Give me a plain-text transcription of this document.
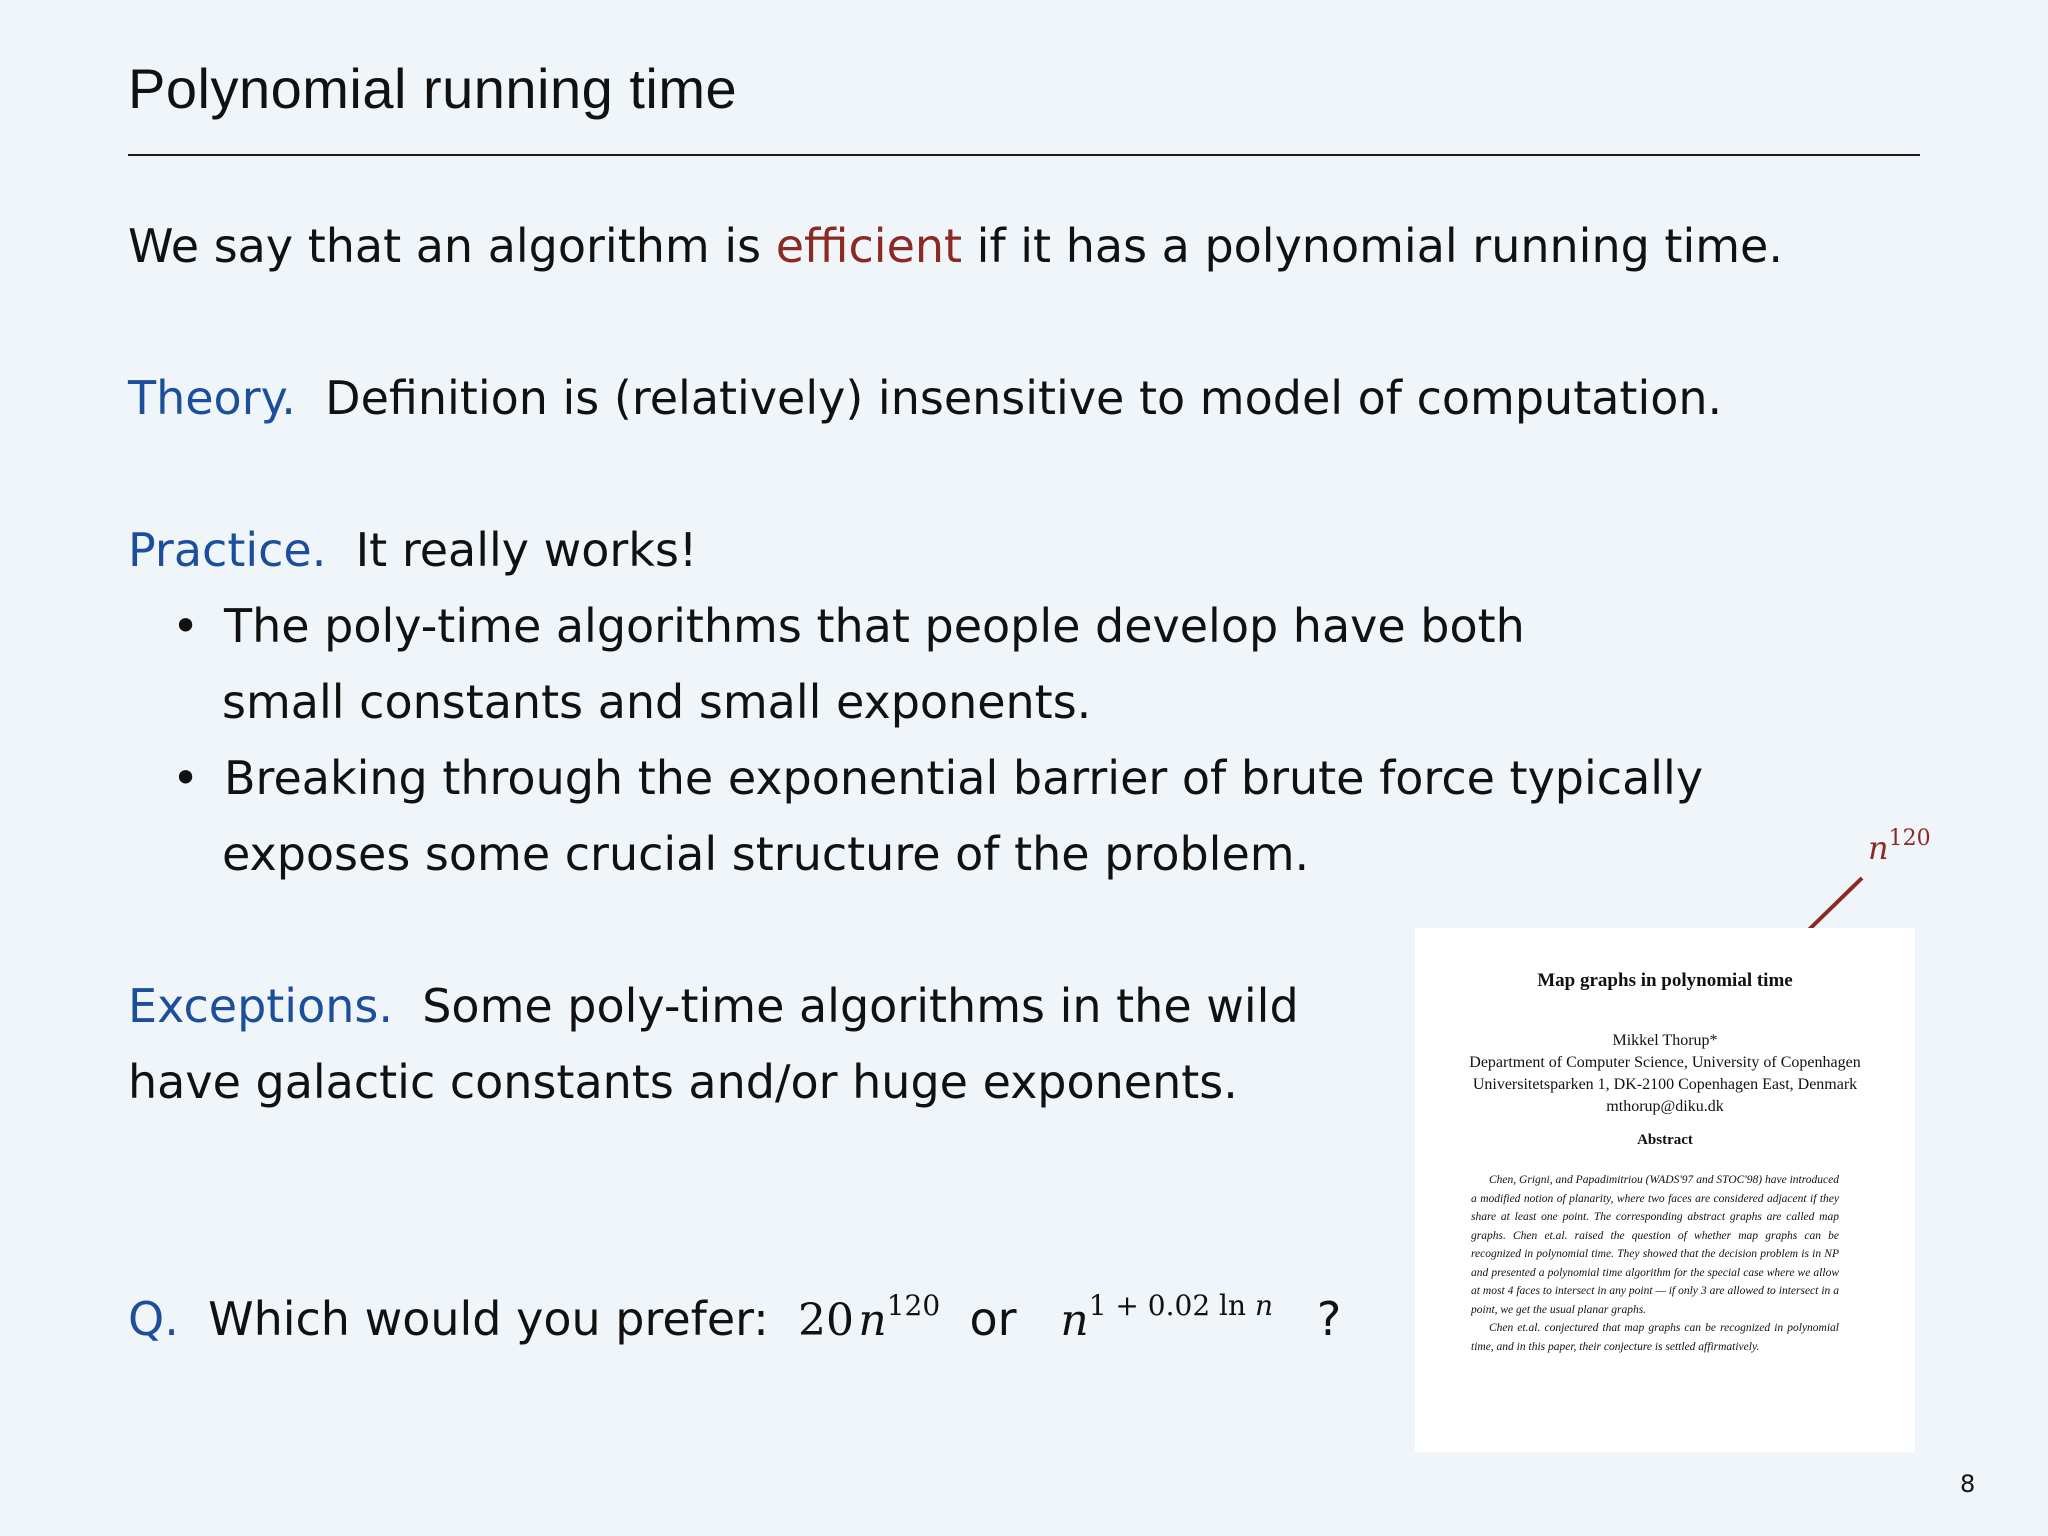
Polynomial running time
We say that an algorithm is efficient if it has a polynomial running time.
Theory. Definition is (relatively) insensitive to model of computation.
Practice. It really works!
• The poly-time algorithms that people develop have both
small constants and small exponents.
• Breaking through the exponential barrier of brute force typically
exposes some crucial structure of the problem.
Exceptions. Some poly-time algorithms in the wild
have galactic constants and/or huge exponents.
Q. Which would you prefer: 20 $n^{120}$ or $n^{1 + 0.02 ln n}$ ?
$n^{120}$
Map graphs in polynomial time
Mikkel Thorup*
Department of Computer Science, University of Copenhagen
Universitetsparken 1, DK-2100 Copenhagen East, Denmark
mthorup@diku.dk
Abstract

Chen, Grigni, and Papadimitriou (WADS'97 and STOC'98) have introduced a modified notion of planarity, where two faces are considered adjacent if they share at least one point. The corresponding abstract graphs are called map graphs. Chen et.al. raised the question of whether map graphs can be recognized in polynomial time. They showed that the decision problem is in NP and presented a polynomial time algorithm for the special case where we allow at most 4 faces to intersect in any point — if only 3 are allowed to intersect in a point, we get the usual planar graphs.

Chen et.al. conjectured that map graphs can be recognized in polynomial time, and in this paper, their conjecture is settled affirmatively.

8
